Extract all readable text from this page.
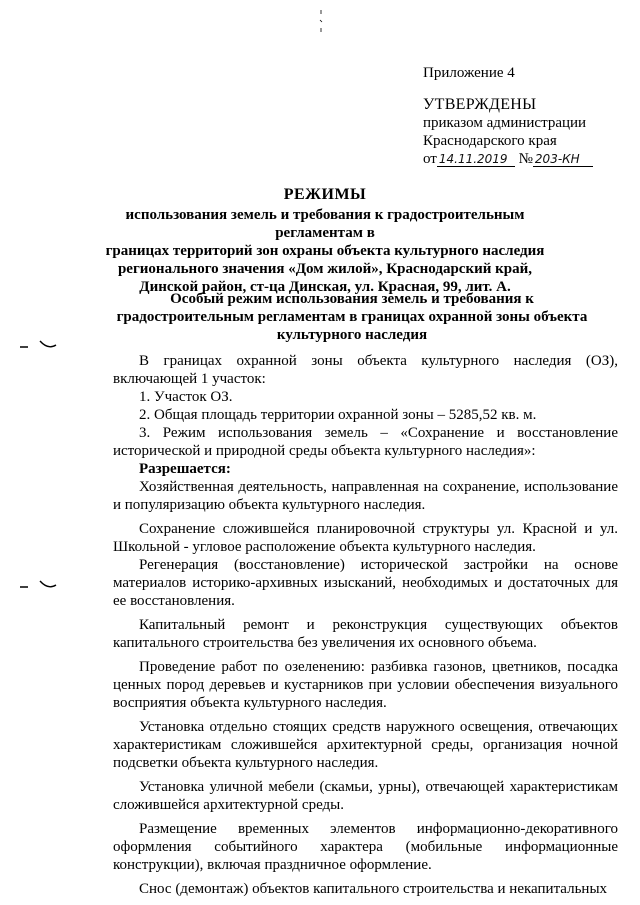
Приложение 4
УТВЕРЖДЕНЫ
приказом администрации
Краснодарского края
от 14.11.2019 № 203-КН
РЕЖИМЫ
использования земель и требования к градостроительным регламентам в
границах территорий зон охраны объекта культурного наследия
регионального значения «Дом жилой», Краснодарский край,
Динской район, ст-ца Динская, ул. Красная, 99, лит. А.
Особый режим использования земель и требования к
градостроительным регламентам в границах охранной зоны объекта
культурного наследия

В границах охранной зоны объекта культурного наследия (ОЗ), включающей 1 участок:

1. Участок ОЗ.

2. Общая площадь территории охранной зоны – 5285,52 кв. м.

3. Режим использования земель – «Сохранение и восстановление исторической и природной среды объекта культурного наследия»:

Разрешается:

Хозяйственная деятельность, направленная на сохранение, использование и популяризацию объекта культурного наследия.

Сохранение сложившейся планировочной структуры ул. Красной и ул. Школьной - угловое расположение объекта культурного наследия.

Регенерация (восстановление) исторической застройки на основе материалов историко-архивных изысканий, необходимых и достаточных для ее восстановления.

Капитальный ремонт и реконструкция существующих объектов капитального строительства без увеличения их основного объема.

Проведение работ по озеленению: разбивка газонов, цветников, посадка ценных пород деревьев и кустарников при условии обеспечения визуального восприятия объекта культурного наследия.

Установка отдельно стоящих средств наружного освещения, отвечающих характеристикам сложившейся архитектурной среды, организация ночной подсветки объекта культурного наследия.

Установка уличной мебели (скамьи, урны), отвечающей характеристикам сложившейся архитектурной среды.

Размещение временных элементов информационно-декоративного оформления событийного характера (мобильные информационные конструкции), включая праздничное оформление.

Снос (демонтаж) объектов капитального строительства и некапитальных
